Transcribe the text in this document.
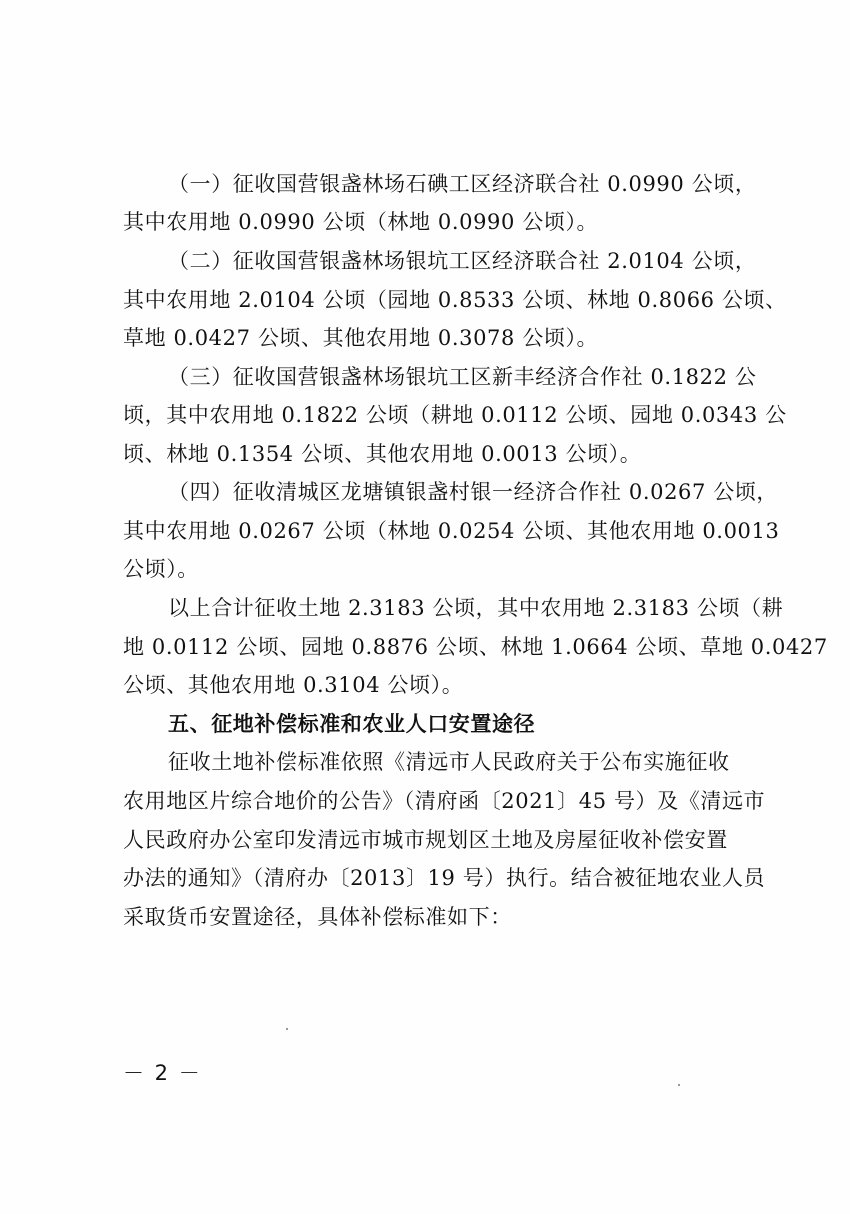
（一）征收国营银盏林场石碘工区经济联合社 0.0990 公顷，
其中农用地 0.0990 公顷（林地 0.0990 公顷）。
（二）征收国营银盏林场银坑工区经济联合社 2.0104 公顷，
其中农用地 2.0104 公顷（园地 0.8533 公顷、林地 0.8066 公顷、
草地 0.0427 公顷、其他农用地 0.3078 公顷）。
（三）征收国营银盏林场银坑工区新丰经济合作社 0.1822 公
顷，其中农用地 0.1822 公顷（耕地 0.0112 公顷、园地 0.0343 公
顷、林地 0.1354 公顷、其他农用地 0.0013 公顷）。
（四）征收清城区龙塘镇银盏村银一经济合作社 0.0267 公顷，
其中农用地 0.0267 公顷（林地 0.0254 公顷、其他农用地 0.0013
公顷）。
以上合计征收土地 2.3183 公顷，其中农用地 2.3183 公顷（耕
地 0.0112 公顷、园地 0.8876 公顷、林地 1.0664 公顷、草地 0.0427
公顷、其他农用地 0.3104 公顷）。
五、征地补偿标准和农业人口安置途径
征收土地补偿标准依照《清远市人民政府关于公布实施征收
农用地区片综合地价的公告》（清府函〔2021〕45 号）及《清远市
人民政府办公室印发清远市城市规划区土地及房屋征收补偿安置
办法的通知》（清府办〔2013〕19 号）执行。结合被征地农业人员
采取货币安置途径，具体补偿标准如下：
－ 2 －
